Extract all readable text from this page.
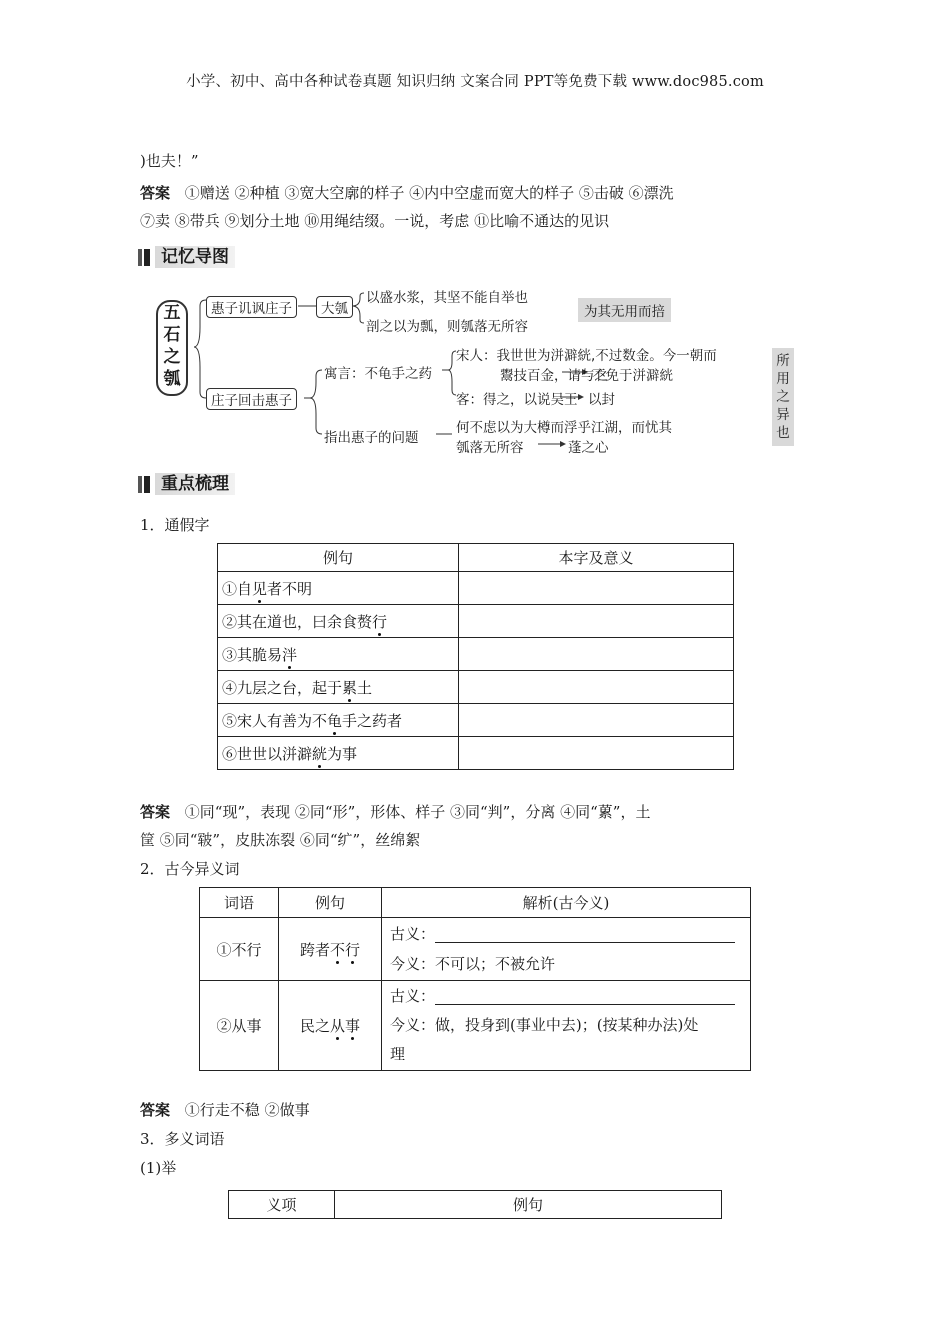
小学、初中、高中各种试卷真题 知识归纳 文案合同 PPT等免费下载 www.doc985.com
)也夫！”
答案 ①赠送 ②种植 ③宽大空廓的样子 ④内中空虚而宽大的样子 ⑤击破 ⑥漂洗
⑦卖 ⑧带兵 ⑨划分土地 ⑩用绳结缀。一说，考虑 ⑪比喻不通达的见识
记忆导图
五
石
之
瓠
惠子讥讽庄子	大瓠
以盛水浆，其坚不能自举也
剖之以为瓢，则瓠落无所容
为其无用而掊
庄子回击惠子
寓言：不龟手之药
宋人：我世世为洴澼絖,不过数金。今一朝而
鬻技百金，请与之
不免于洴澼絖
客：得之，以说吴王 以封
指出惠子的问题
何不虑以为大樽而浮乎江湖，而忧其
瓠落无所容	蓬之心
所
用
之
异
也
重点梳理
1．通假字
例句	本字及意义
①自见者不明	
②其在道也，曰余食赘行	
③其脆易泮	
④九层之台，起于累土	
⑤宋人有善为不龟手之药者	
⑥世世以洴澼絖为事	
答案 ①同“现”，表现 ②同“形”，形体、样子 ③同“判”，分离 ④同“蔂”，土
筐 ⑤同“皲”，皮肤冻裂 ⑥同“纩”，丝绵絮
2．古今异义词
词语	例句	解析(古今义)
①不行	跨者不行	古义：
今义：不可以；不被允许

②从事	民之从事	古义：
今义：做，投身到(事业中去)；(按某种办法)处
理
答案 ①行走不稳 ②做事
3．多义词语
(1)举
义项	例句
